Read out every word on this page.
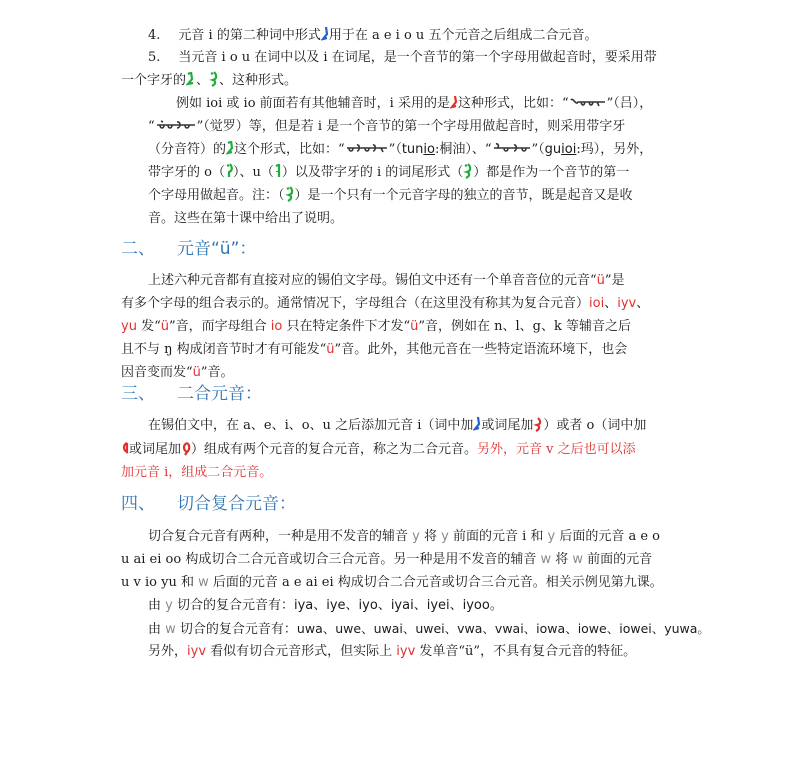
4. 元音 i 的第二种词中形式 用于在 a e i o u 五个元音之后组成二合元音。
5. 当元音 i o u 在词中以及 i 在词尾，是一个音节的第一个字母用做起音时，要采用带
一个字牙的 、 、这种形式。
例如 ioi 或 io 前面若有其他辅音时，i 采用的是 这种形式，比如：“	”（吕），
“	”（觉罗）等，但是若 i 是一个音节的第一个字母用做起音时，则采用带字牙
（分音符）的 这个形式，比如：“	”（tunio:桐油）、“	”（guioi:玛），另外，
带字牙的 o（ ）、u（ ）以及带字牙的 i 的词尾形式（ ）都是作为一个音节的第一
个字母用做起音。注：（ ）是一个只有一个元音字母的独立的音节，既是起音又是收
音。这些在第十课中给出了说明。
二、 元音“ü”：
上述六种元音都有直接对应的锡伯文字母。锡伯文中还有一个单音音位的元音“ü”是
有多个字母的组合表示的。通常情况下，字母组合（在这里没有称其为复合元音）ioi、iyv、
yu 发“ü”音，而字母组合 io 只在特定条件下才发“ü”音，例如在 n、l、g、k 等辅音之后
且不与 ŋ 构成闭音节时才有可能发“ü”音。此外，其他元音在一些特定语流环境下，也会
因音变而发“ü”音。
三、 二合元音：
在锡伯文中，在 a、e、i、o、u 之后添加元音 i（词中加 或词尾加 ）或者 o（词中加
或词尾加 ）组成有两个元音的复合元音，称之为二合元音。另外，元音 v 之后也可以添
加元音 i，组成二合元音。
四、 切合复合元音：
切合复合元音有两种，一种是用不发音的辅音 y 将 y 前面的元音 i 和 y 后面的元音 a e o
u ai ei oo 构成切合二合元音或切合三合元音。另一种是用不发音的辅音 w 将 w 前面的元音
u v io yu 和 w 后面的元音 a e ai ei 构成切合二合元音或切合三合元音。相关示例见第九课。
由 y 切合的复合元音有：iya、iye、iyo、iyai、iyei、iyoo。
由 w 切合的复合元音有：uwa、uwe、uwai、uwei、vwa、vwai、iowa、iowe、iowei、yuwa。
另外，iyv 看似有切合元音形式，但实际上 iyv 发单音“ü”，不具有复合元音的特征。
